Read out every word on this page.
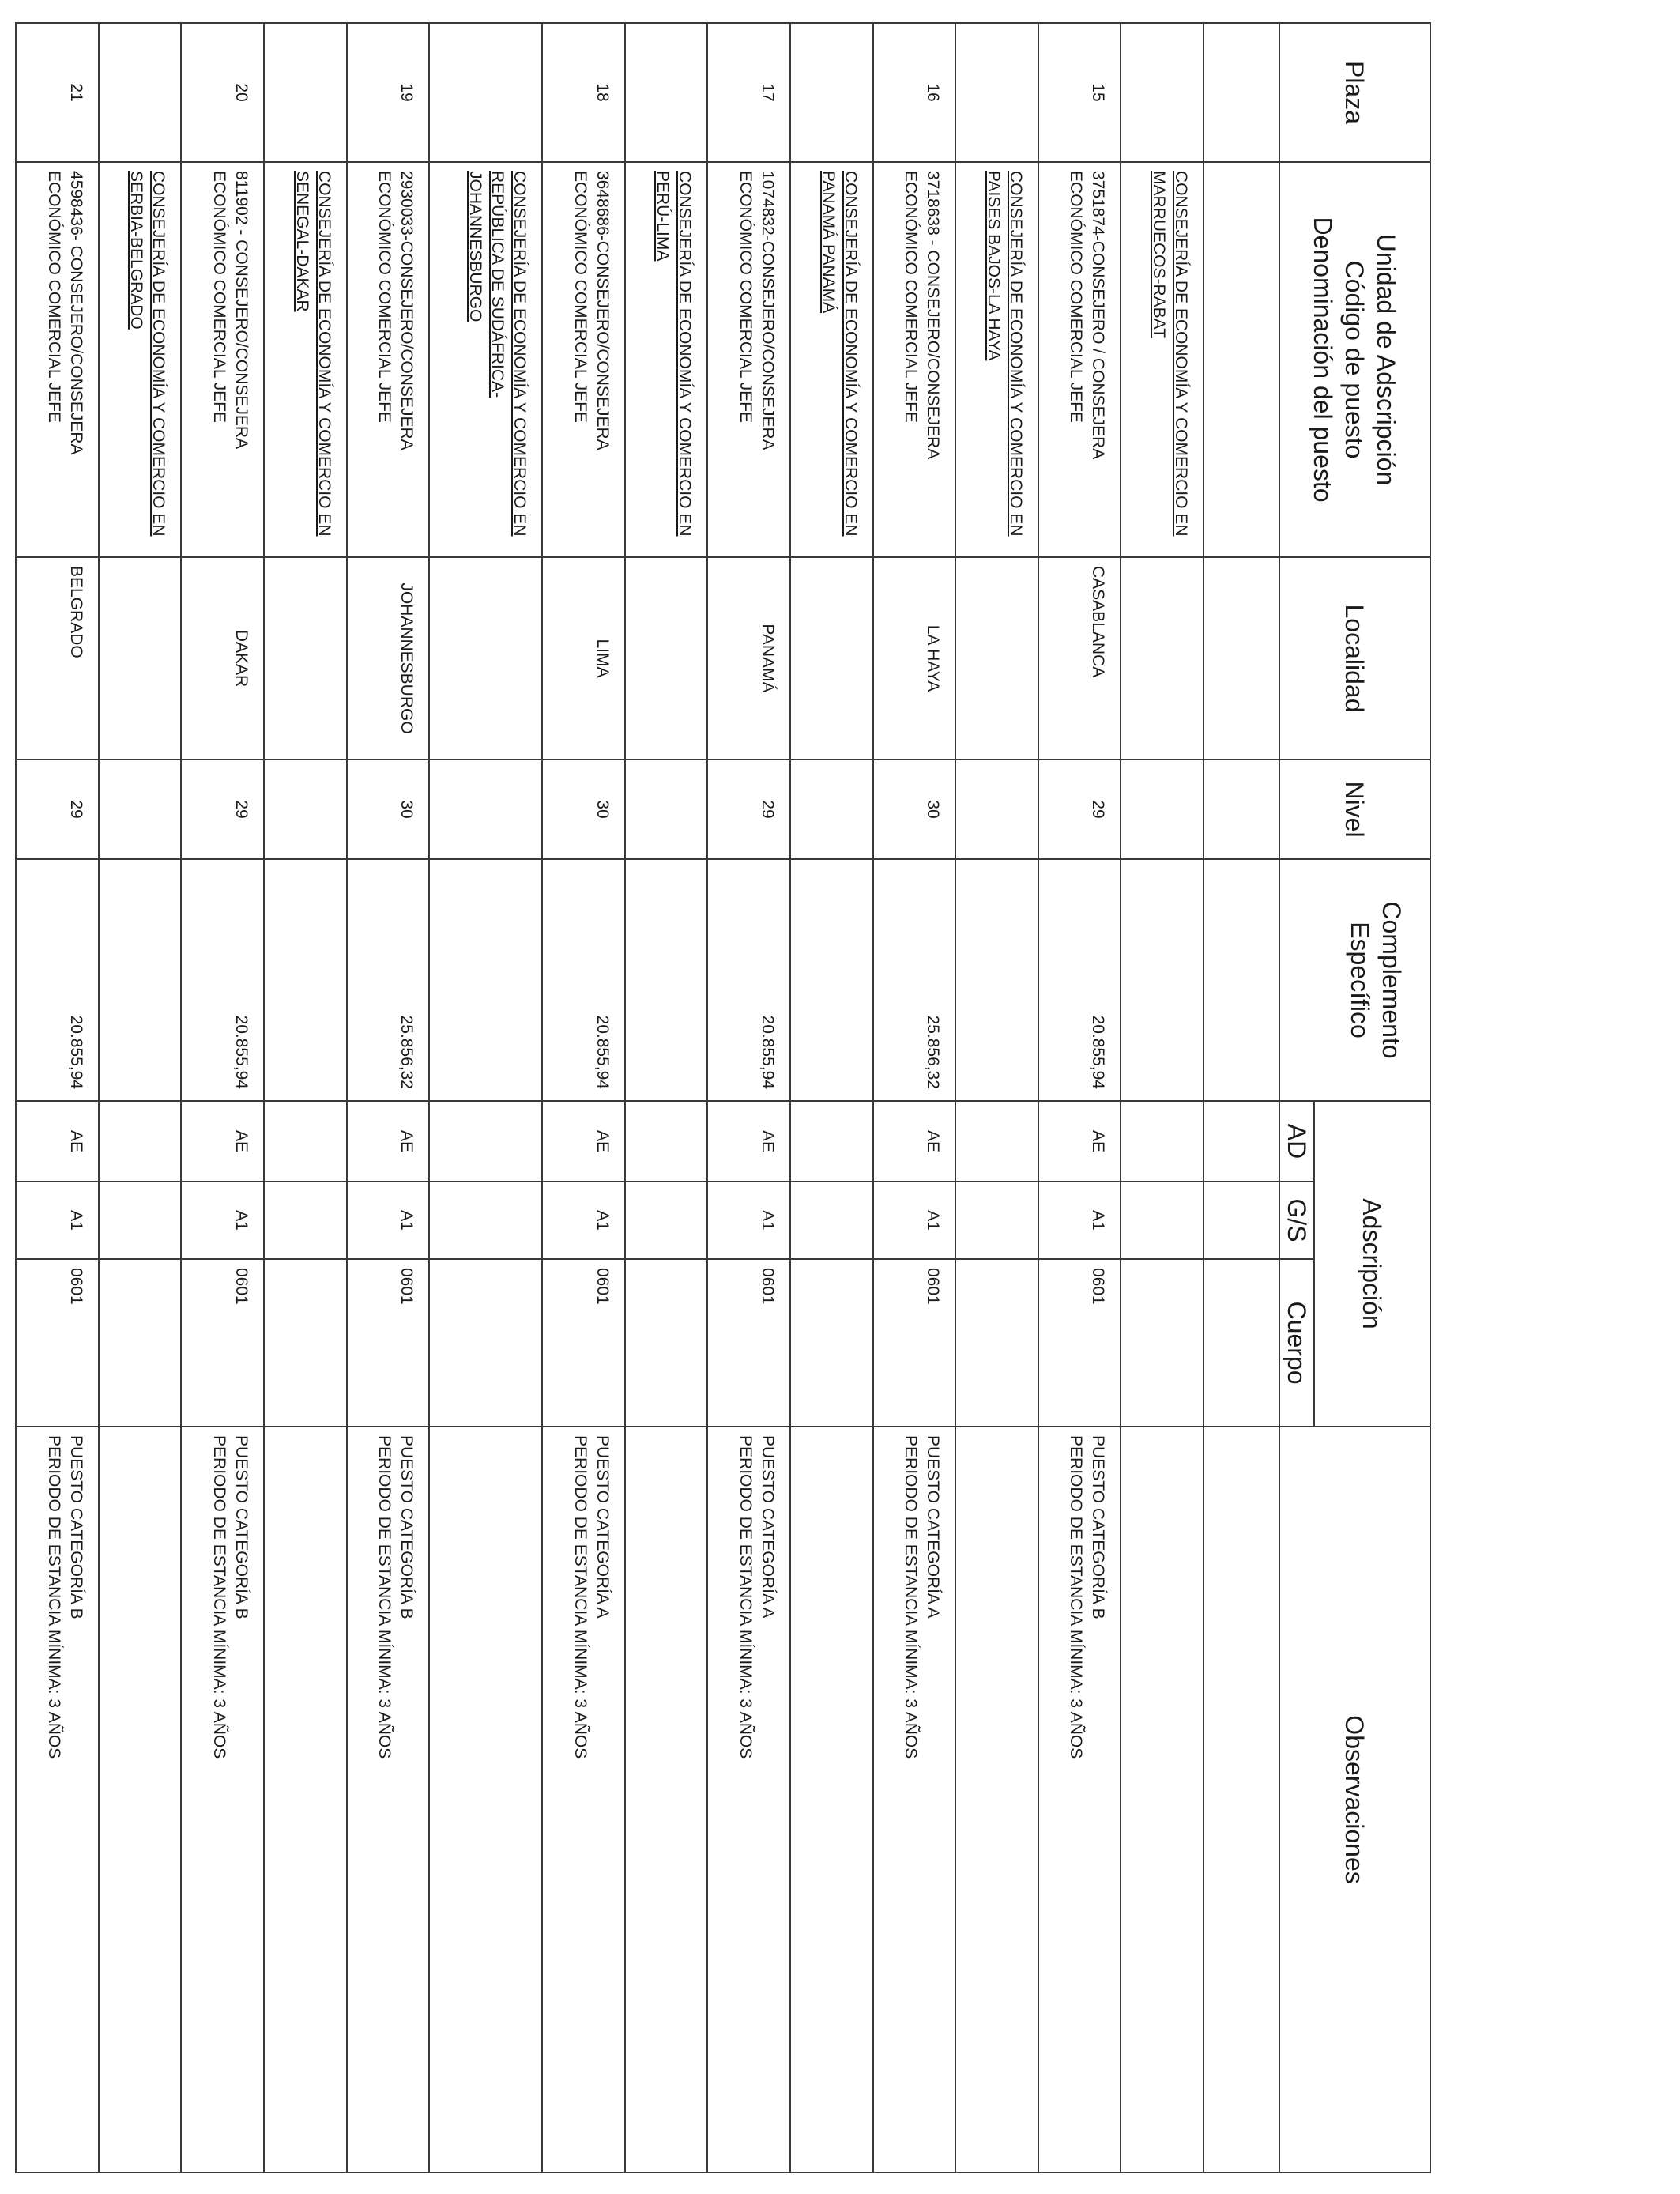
Plaza	Unidad de Adscripción
Código de puesto
Denominación del puesto	Localidad	Nivel	Complemento
Específico	Adscripción			Observaciones
					AD	G/S	Cuerpo	

	CONSEJERÍA DE ECONOMÍA Y COMERCIO EN MARRUECOS-RABAT							
15	3751874-CONSEJERO / CONSEJERA ECONÓMICO COMERCIAL JEFE	CASABLANCA	29	20.855,94	AE	A1	0601	PUESTO CATEGORÍA B
PERIODO DE ESTANCIA MÍNIMA: 3 AÑOS

	CONSEJERÍA DE ECONOMÍA Y COMERCIO EN PAISES BAJOS-LA HAYA							
16	3718638 - CONSEJERO/CONSEJERA ECONÓMICO COMERCIAL JEFE	LA HAYA	30	25.856,32	AE	A1	0601	PUESTO CATEGORÍA A
PERIODO DE ESTANCIA MÍNIMA: 3 AÑOS

	CONSEJERÍA DE ECONOMÍA Y COMERCIO EN PANAMÁ PANAMÁ							
17	1074832-CONSEJERO/CONSEJERA ECONÓMICO COMERCIAL JEFE	PANAMÁ	29	20.855,94	AE	A1	0601	PUESTO CATEGORÍA A
PERIODO DE ESTANCIA MÍNIMA: 3 AÑOS

	CONSEJERÍA DE ECONOMÍA Y COMERCIO EN PERÚ-LIMA							
18	3648686-CONSEJERO/CONSEJERA ECONÓMICO COMERCIAL JEFE	LIMA	30	20.855,94	AE	A1	0601	PUESTO CATEGORÍA A
PERIODO DE ESTANCIA MÍNIMA: 3 AÑOS

	CONSEJERÍA DE ECONOMÍA Y COMERCIO EN REPÚBLICA DE SUDÁFRICA-JOHANNESBURGO							
19	2930033-CONSEJERO/CONSEJERA ECONÓMICO COMERCIAL JEFE	JOHANNESBURGO	30	25.856,32	AE	A1	0601	PUESTO CATEGORÍA B
PERIODO DE ESTANCIA MÍNIMA: 3 AÑOS

	CONSEJERÍA DE ECONOMÍA Y COMERCIO EN SENEGAL-DAKAR							
20	811902 - CONSEJERO/CONSEJERA ECONÓMICO COMERCIAL JEFE	DAKAR	29	20.855,94	AE	A1	0601	PUESTO CATEGORÍA B
PERIODO DE ESTANCIA MÍNIMA: 3 AÑOS

	CONSEJERÍA DE ECONOMÍA Y COMERCIO EN SERBIA-BELGRADO							
21	4598436- CONSEJERO/CONSEJERA ECONÓMICO COMERCIAL JEFE	BELGRADO	29	20.855,94	AE	A1	0601	PUESTO CATEGORÍA B
PERIODO DE ESTANCIA MÍNIMA: 3 AÑOS
